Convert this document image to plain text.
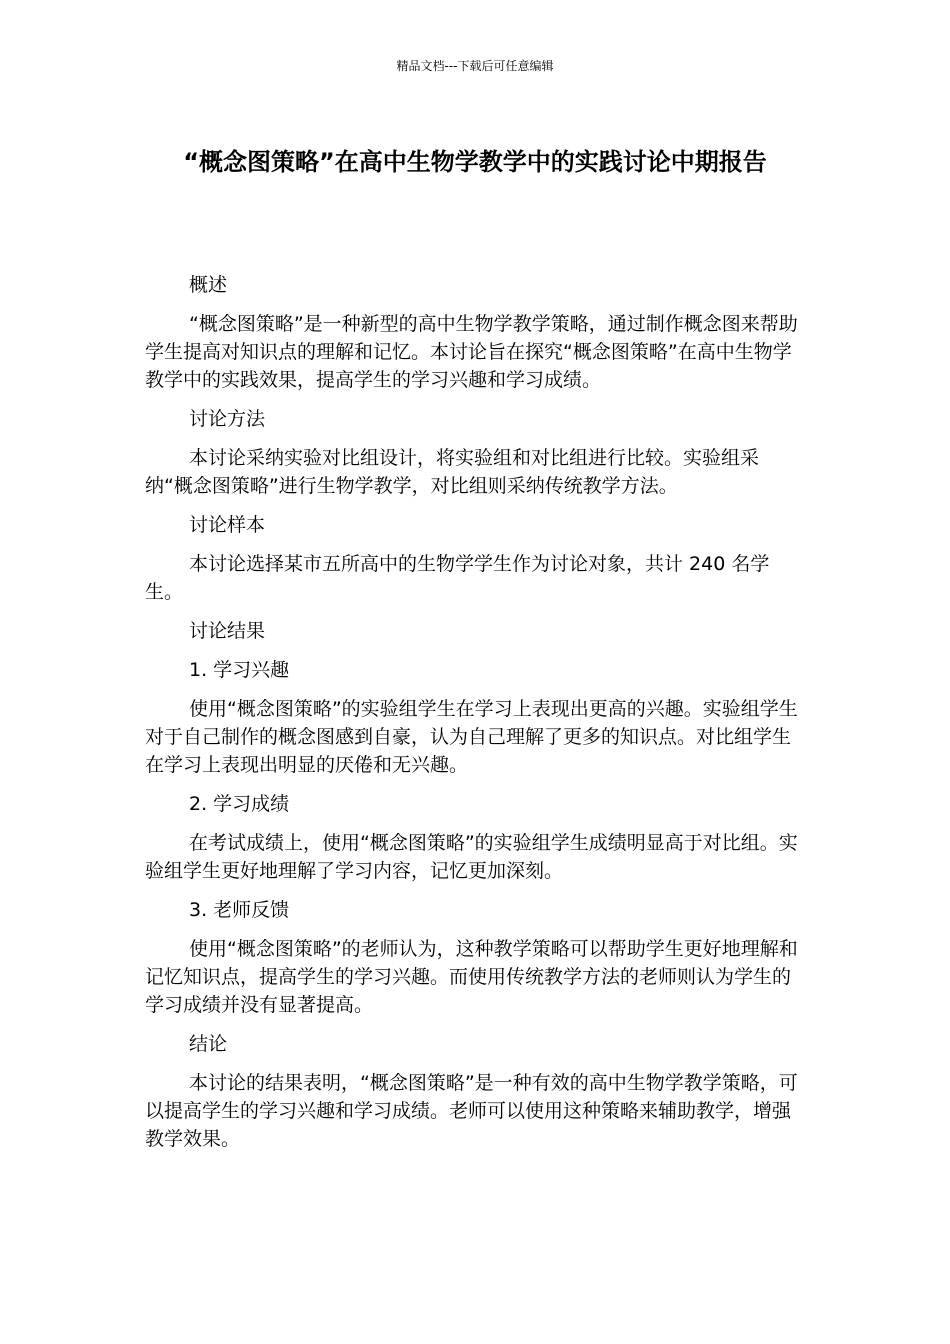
精品文档---下载后可任意编辑
“概念图策略”在高中生物学教学中的实践讨论中期报告

概述

“概念图策略”是一种新型的高中生物学教学策略，通过制作概念图来帮助学生提高对知识点的理解和记忆。本讨论旨在探究“概念图策略”在高中生物学教学中的实践效果，提高学生的学习兴趣和学习成绩。

讨论方法

本讨论采纳实验对比组设计，将实验组和对比组进行比较。实验组采纳“概念图策略”进行生物学教学，对比组则采纳传统教学方法。

讨论样本

本讨论选择某市五所高中的生物学学生作为讨论对象，共计 240 名学生。

讨论结果

1. 学习兴趣

使用“概念图策略”的实验组学生在学习上表现出更高的兴趣。实验组学生对于自己制作的概念图感到自豪，认为自己理解了更多的知识点。对比组学生在学习上表现出明显的厌倦和无兴趣。

2. 学习成绩

在考试成绩上，使用“概念图策略”的实验组学生成绩明显高于对比组。实验组学生更好地理解了学习内容，记忆更加深刻。

3. 老师反馈

使用“概念图策略”的老师认为，这种教学策略可以帮助学生更好地理解和记忆知识点，提高学生的学习兴趣。而使用传统教学方法的老师则认为学生的学习成绩并没有显著提高。

结论

本讨论的结果表明，“概念图策略”是一种有效的高中生物学教学策略，可以提高学生的学习兴趣和学习成绩。老师可以使用这种策略来辅助教学，增强教学效果。
